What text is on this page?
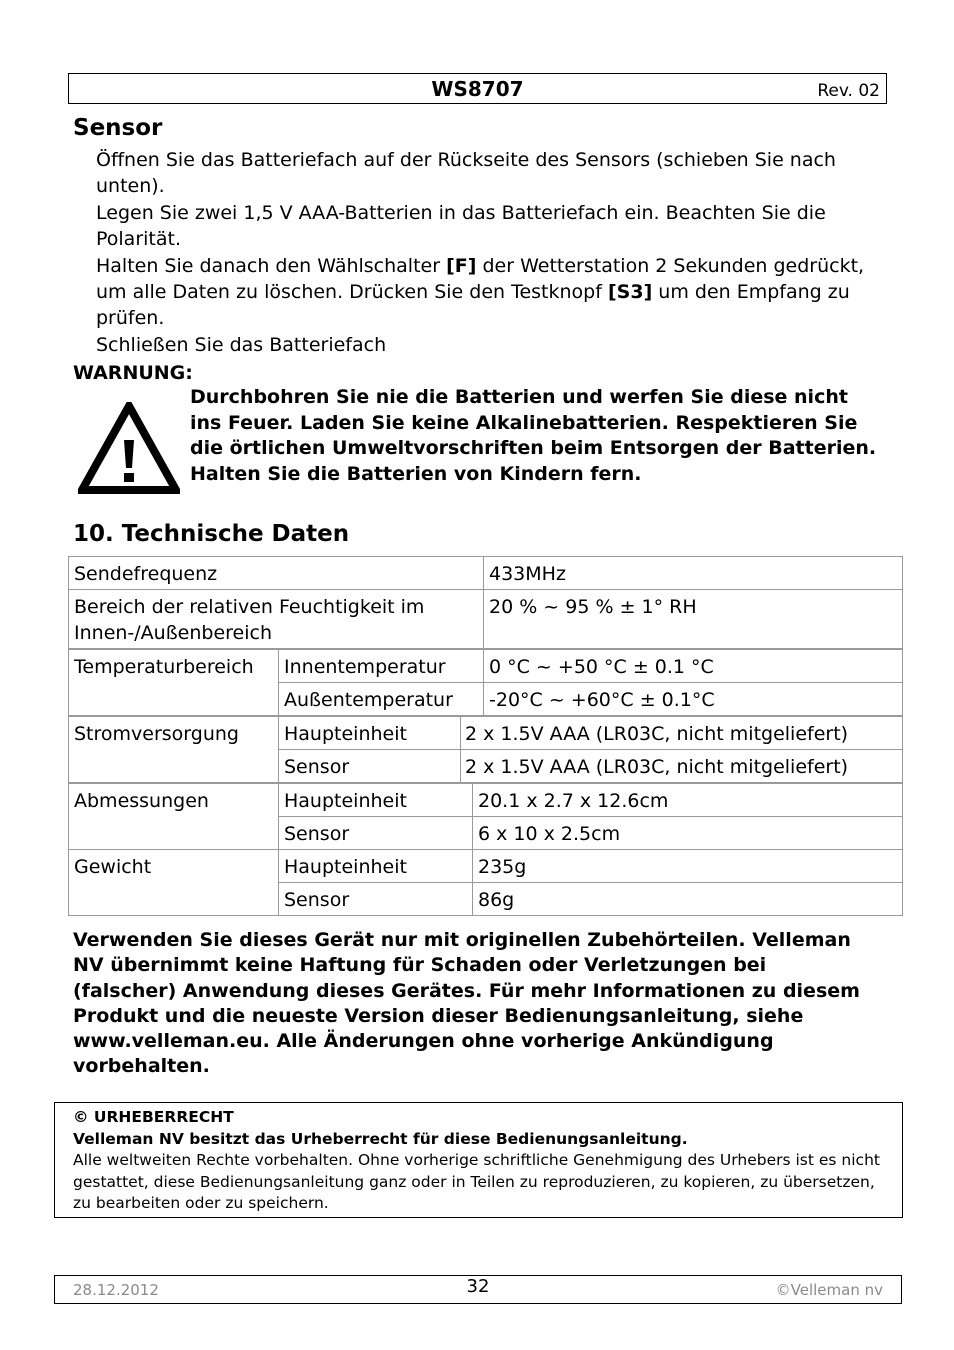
WS8707	Rev. 02
Sensor

Öffnen Sie das Batteriefach auf der Rückseite des Sensors (schieben Sie nach unten).

Legen Sie zwei 1,5 V AAA-Batterien in das Batteriefach ein. Beachten Sie die Polarität.

Halten Sie danach den Wählschalter [F] der Wetterstation 2 Sekunden gedrückt, um alle Daten zu löschen. Drücken Sie den Testknopf [S3] um den Empfang zu prüfen.

Schließen Sie das Batteriefach

WARNUNG:
Durchbohren Sie nie die Batterien und werfen Sie diese nicht ins Feuer. Laden Sie keine Alkalinebatterien. Respektieren Sie die örtlichen Umweltvorschriften beim Entsorgen der Batterien. Halten Sie die Batterien von Kindern fern.
10. Technische Daten
Sendefrequenz	433MHz
Bereich der relativen Feuchtigkeit im Innen-/Außenbereich	20 % ~ 95 % ± 1° RH
Temperaturbereich	Innentemperatur	0 °C ~ +50 °C ± 0.1 °C
	Außentemperatur	-20°C ~ +60°C ± 0.1°C
Stromversorgung	Haupteinheit	2 x 1.5V AAA (LR03C, nicht mitgeliefert)
	Sensor	2 x 1.5V AAA (LR03C, nicht mitgeliefert)
Abmessungen	Haupteinheit	20.1 x 2.7 x 12.6cm
	Sensor	6 x 10 x 2.5cm
Gewicht	Haupteinheit	235g
	Sensor	86g
Verwenden Sie dieses Gerät nur mit originellen Zubehörteilen. Velleman NV übernimmt keine Haftung für Schaden oder Verletzungen bei (falscher) Anwendung dieses Gerätes. Für mehr Informationen zu diesem Produkt und die neueste Version dieser Bedienungsanleitung, siehe www.velleman.eu. Alle Änderungen ohne vorherige Ankündigung vorbehalten.
© URHEBERRECHT
Velleman NV besitzt das Urheberrecht für diese Bedienungsanleitung.
Alle weltweiten Rechte vorbehalten. Ohne vorherige schriftliche Genehmigung des Urhebers ist es nicht gestattet, diese Bedienungsanleitung ganz oder in Teilen zu reproduzieren, zu kopieren, zu übersetzen, zu bearbeiten oder zu speichern.
28.12.2012	32	©Velleman nv
